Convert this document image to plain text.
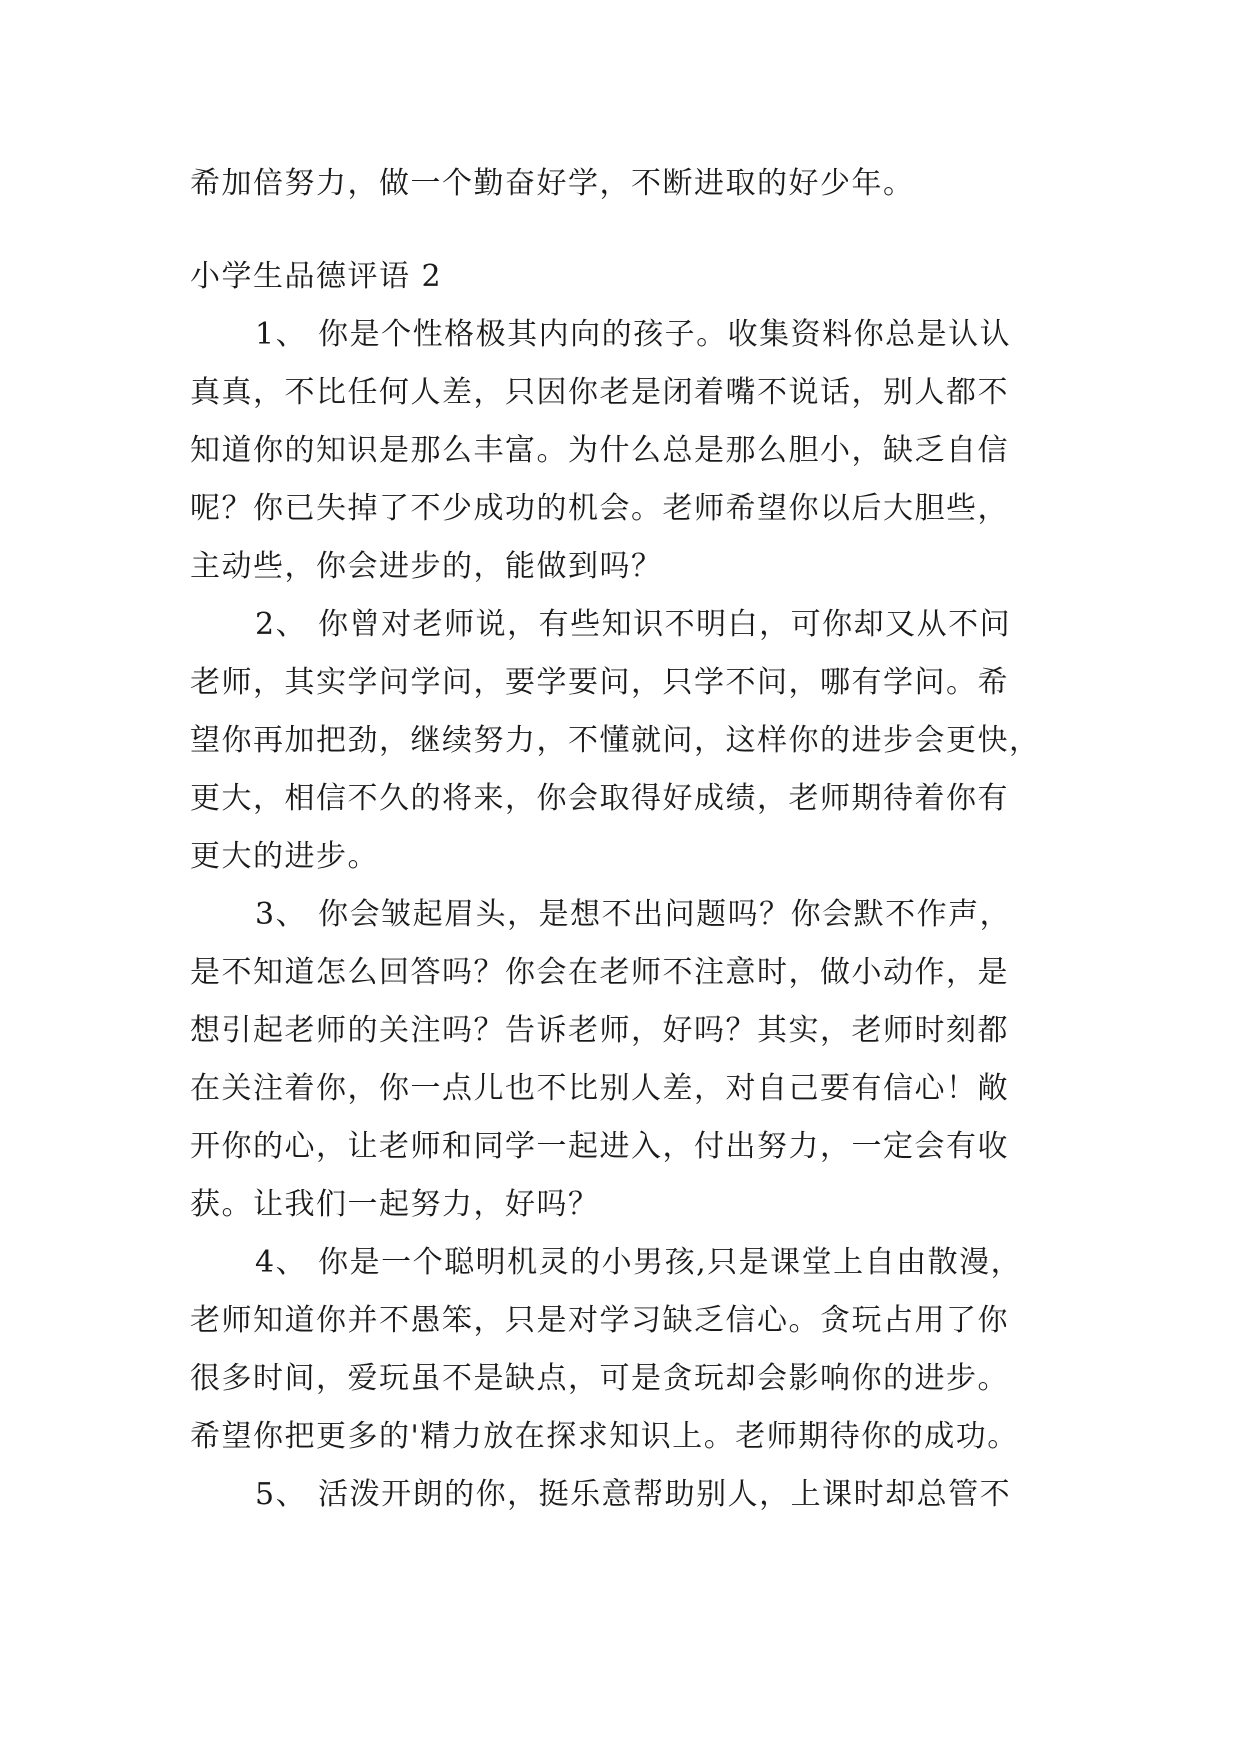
希加倍努力，做一个勤奋好学，不断进取的好少年。
小学生品德评语 2
1、 你是个性格极其内向的孩子。收集资料你总是认认
真真，不比任何人差，只因你老是闭着嘴不说话，别人都不
知道你的知识是那么丰富。为什么总是那么胆小，缺乏自信
呢？你已失掉了不少成功的机会。老师希望你以后大胆些，
主动些，你会进步的，能做到吗？
2、 你曾对老师说，有些知识不明白，可你却又从不问
老师，其实学问学问，要学要问，只学不问，哪有学问。希
望你再加把劲，继续努力，不懂就问，这样你的进步会更快，
更大，相信不久的将来，你会取得好成绩，老师期待着你有
更大的进步。
3、 你会皱起眉头，是想不出问题吗？你会默不作声，
是不知道怎么回答吗？你会在老师不注意时，做小动作，是
想引起老师的关注吗？告诉老师，好吗？其实，老师时刻都
在关注着你，你一点儿也不比别人差，对自己要有信心！敞
开你的心，让老师和同学一起进入，付出努力，一定会有收
获。让我们一起努力，好吗？
4、 你是一个聪明机灵的小男孩,只是课堂上自由散漫，
老师知道你并不愚笨，只是对学习缺乏信心。贪玩占用了你
很多时间，爱玩虽不是缺点，可是贪玩却会影响你的进步。
希望你把更多的'精力放在探求知识上。老师期待你的成功。
5、 活泼开朗的你，挺乐意帮助别人，上课时却总管不
